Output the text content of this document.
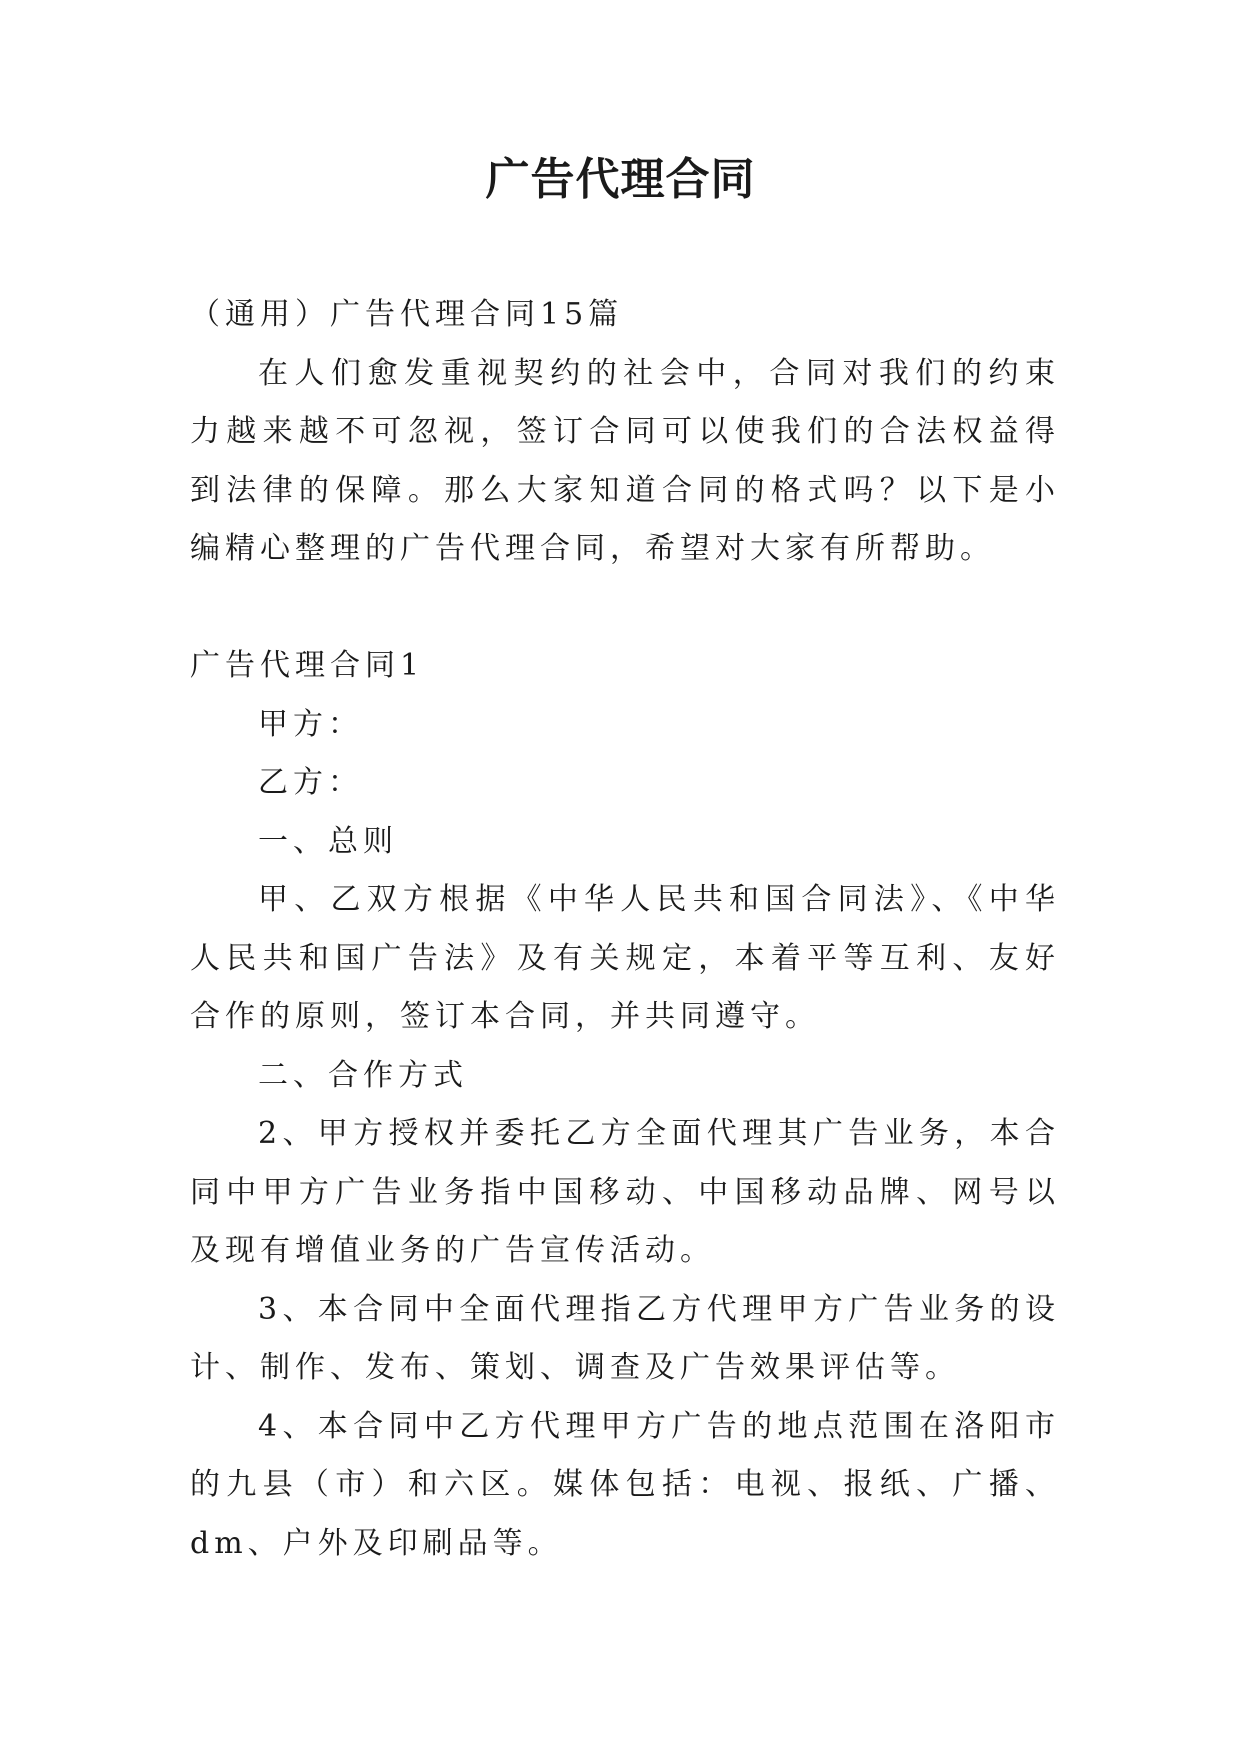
广告代理合同

（通用）广告代理合同15篇

在人们愈发重视契约的社会中，合同对我们的约束力越来越不可忽视，签订合同可以使我们的合法权益得到法律的保障。那么大家知道合同的格式吗？以下是小编精心整理的广告代理合同，希望对大家有所帮助。

广告代理合同1

甲方：

乙方：

一、总则

甲、乙双方根据《中华人民共和国合同法》、《中华人民共和国广告法》及有关规定，本着平等互利、友好合作的原则，签订本合同，并共同遵守。

二、合作方式

2、甲方授权并委托乙方全面代理其广告业务，本合同中甲方广告业务指中国移动、中国移动品牌、网号以及现有增值业务的广告宣传活动。

3、本合同中全面代理指乙方代理甲方广告业务的设计、制作、发布、策划、调查及广告效果评估等。

4、本合同中乙方代理甲方广告的地点范围在洛阳市的九县（市）和六区。媒体包括：电视、报纸、广播、dm、户外及印刷品等。
